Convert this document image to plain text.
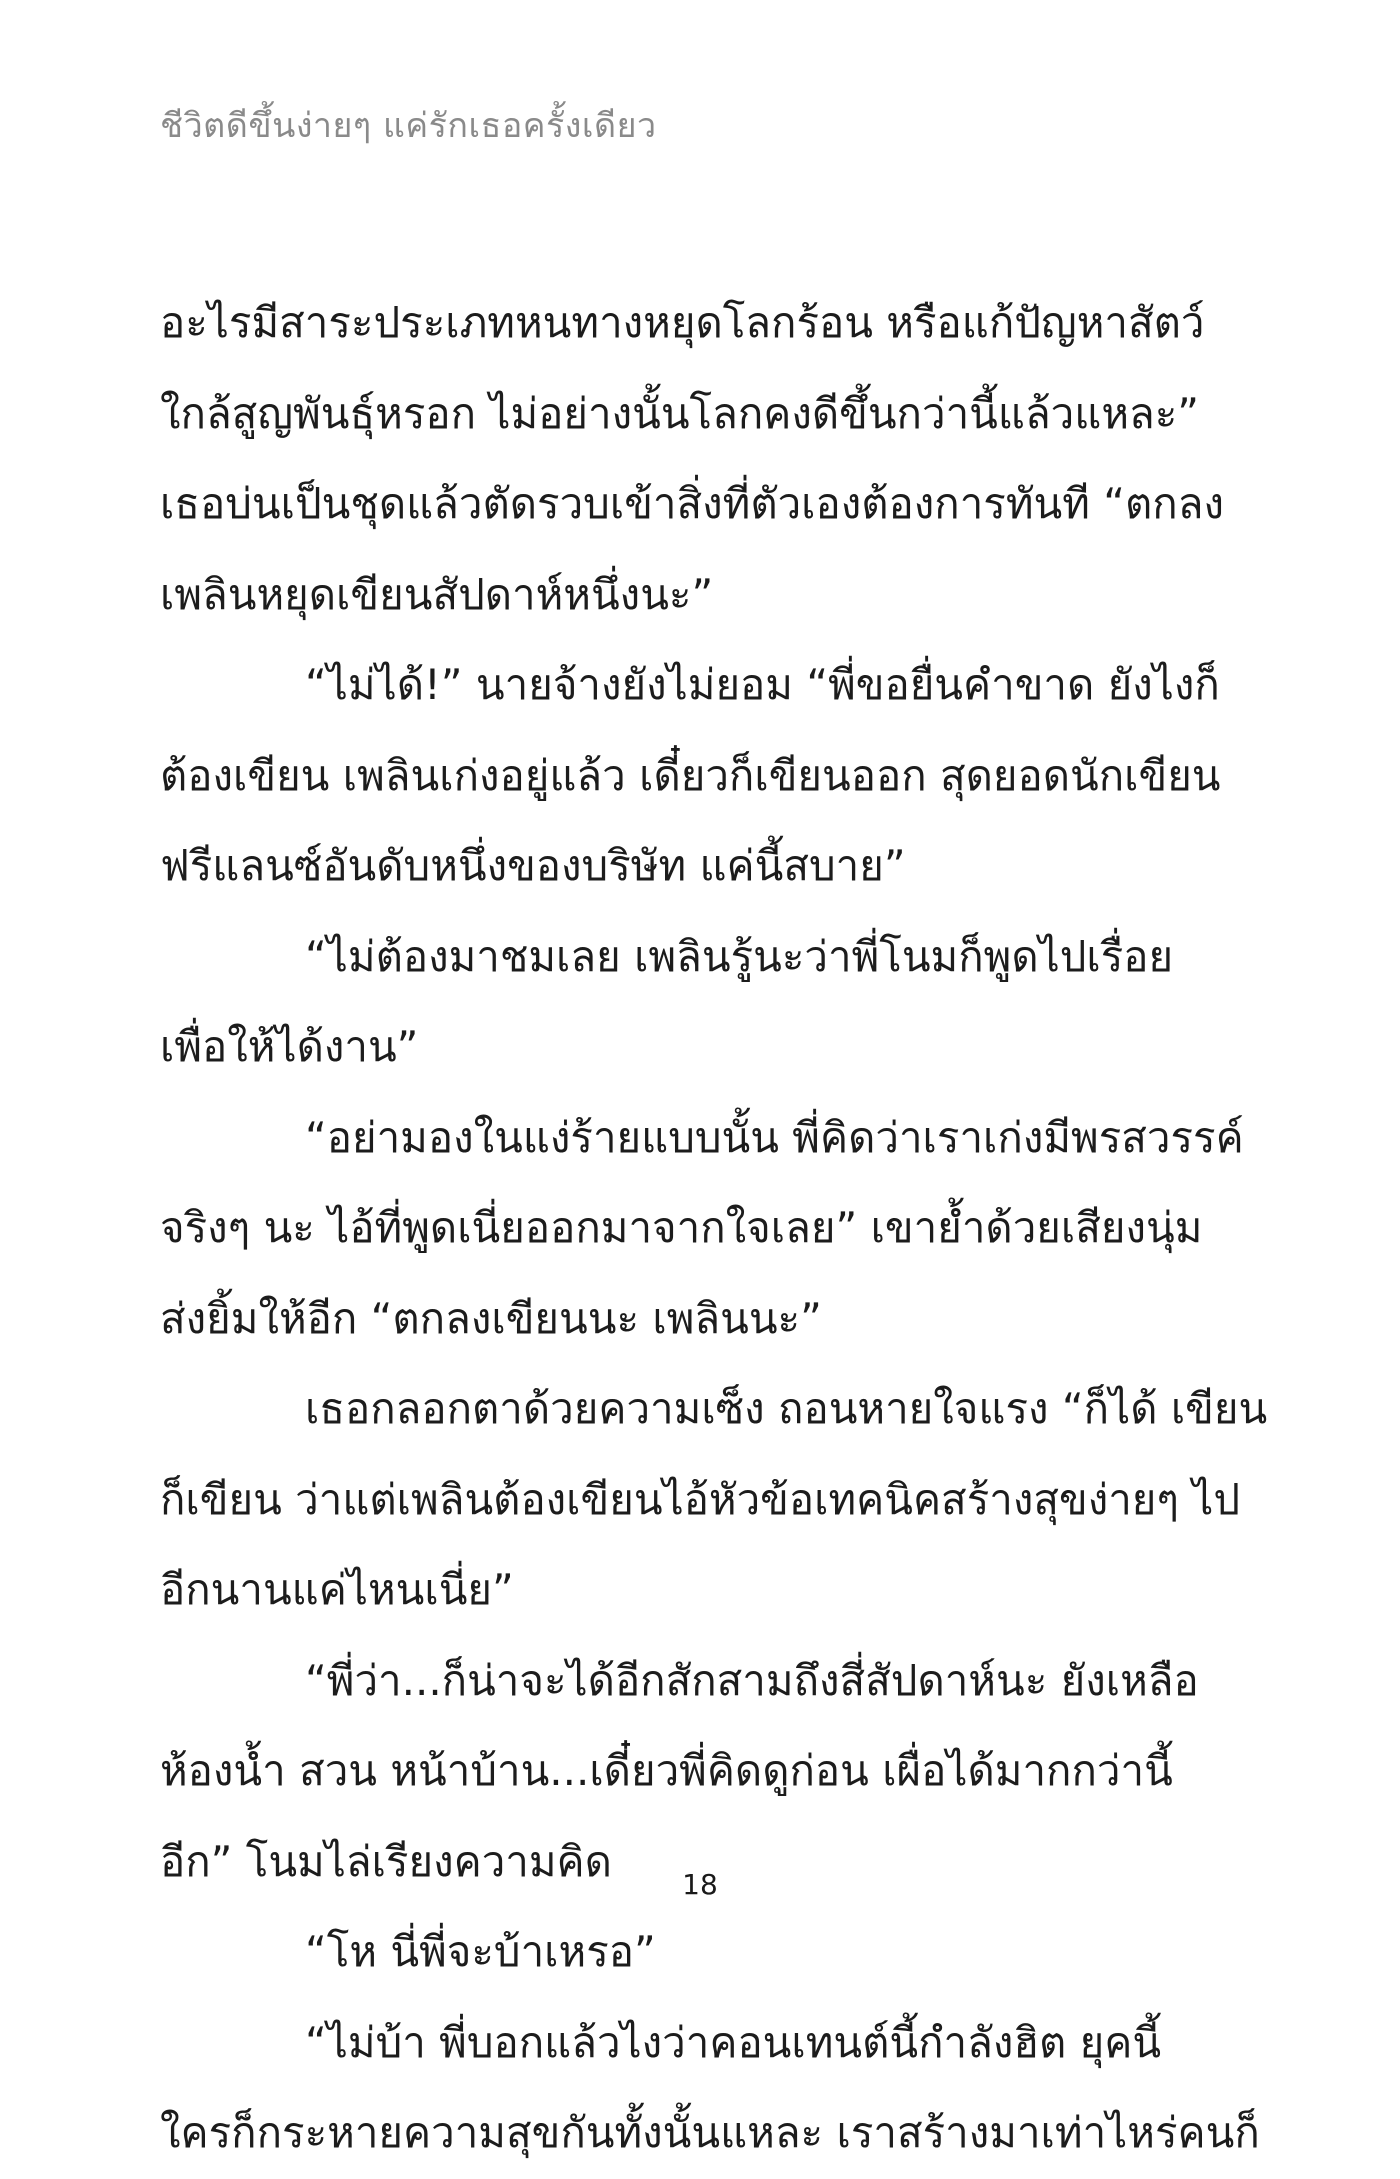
ชีวิตดีขึ้นง่ายๆ แค่รักเธอครั้งเดียว
อะไรมีสาระประเภทหนทางหยุดโลกร้อน หรือแก้ปัญหาสัตว์
ใกล้สูญพันธุ์หรอก ไม่อย่างนั้นโลกคงดีขึ้นกว่านี้แล้วแหละ”
เธอบ่นเป็นชุดแล้วตัดรวบเข้าสิ่งที่ตัวเองต้องการทันที “ตกลง
เพลินหยุดเขียนสัปดาห์หนึ่งนะ”
“ไม่ได้!” นายจ้างยังไม่ยอม “พี่ขอยื่นคำขาด ยังไงก็
ต้องเขียน เพลินเก่งอยู่แล้ว เดี๋ยวก็เขียนออก สุดยอดนักเขียน
ฟรีแลนซ์อันดับหนึ่งของบริษัท แค่นี้สบาย”
“ไม่ต้องมาชมเลย เพลินรู้นะว่าพี่โนมก็พูดไปเรื่อย
เพื่อให้ได้งาน”
“อย่ามองในแง่ร้ายแบบนั้น พี่คิดว่าเราเก่งมีพรสวรรค์
จริงๆ นะ ไอ้ที่พูดเนี่ยออกมาจากใจเลย” เขาย้ำด้วยเสียงนุ่ม
ส่งยิ้มให้อีก “ตกลงเขียนนะ เพลินนะ”
เธอกลอกตาด้วยความเซ็ง ถอนหายใจแรง “ก็ได้ เขียน
ก็เขียน ว่าแต่เพลินต้องเขียนไอ้หัวข้อเทคนิคสร้างสุขง่ายๆ ไป
อีกนานแค่ไหนเนี่ย”
“พี่ว่า...ก็น่าจะได้อีกสักสามถึงสี่สัปดาห์นะ ยังเหลือ
ห้องน้ำ สวน หน้าบ้าน...เดี๋ยวพี่คิดดูก่อน เผื่อได้มากกว่านี้
อีก” โนมไล่เรียงความคิด
“โห นี่พี่จะบ้าเหรอ”
“ไม่บ้า พี่บอกแล้วไงว่าคอนเทนต์นี้กำลังฮิต ยุคนี้
ใครก็กระหายความสุขกันทั้งนั้นแหละ เราสร้างมาเท่าไหร่คนก็
18
